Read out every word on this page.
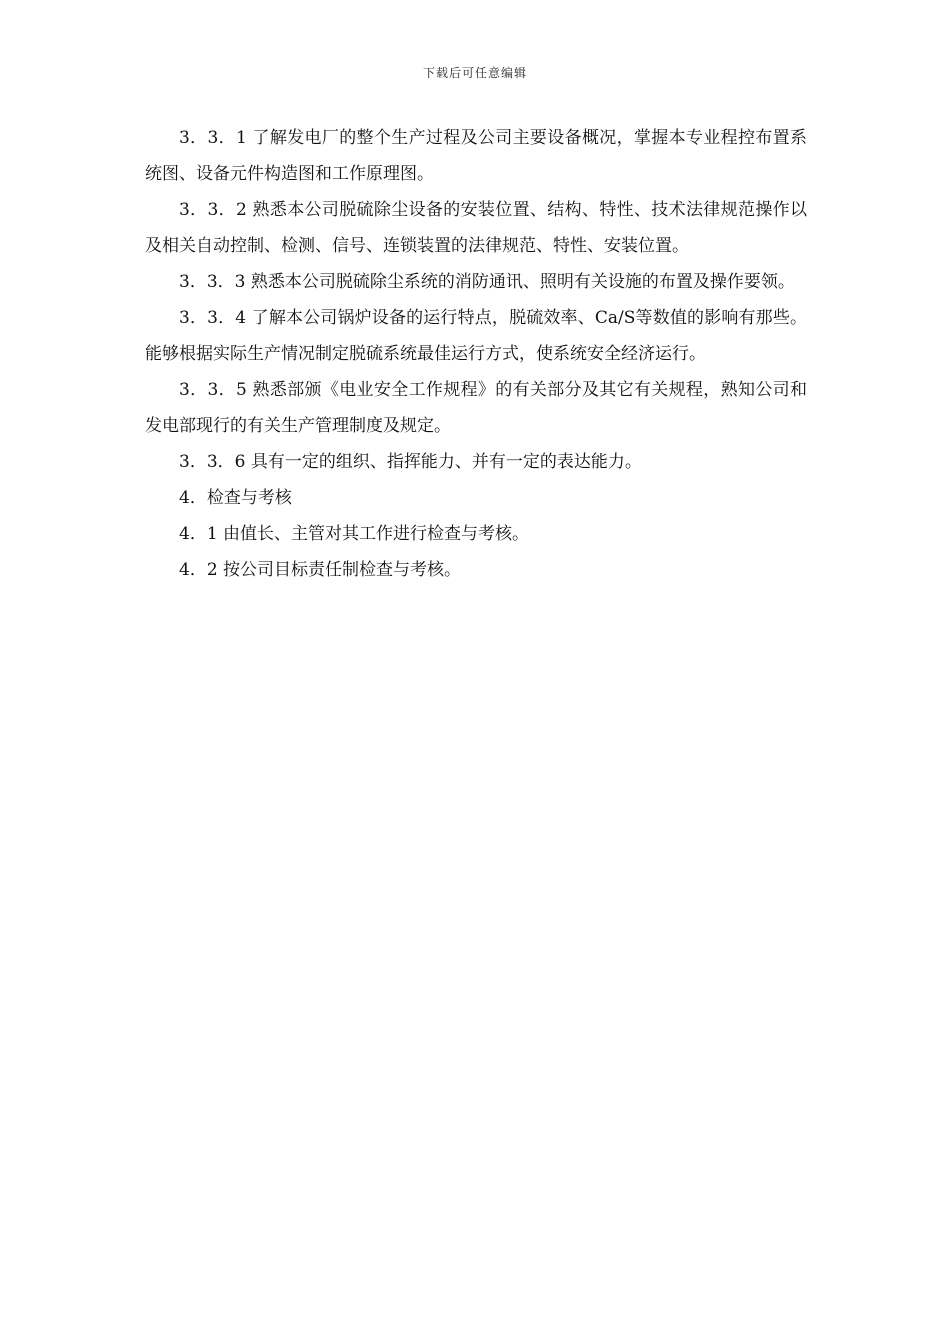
下载后可任意编辑

3．3．1 了解发电厂的整个生产过程及公司主要设备概况，掌握本专业程控布置系统图、设备元件构造图和工作原理图。

3．3．2 熟悉本公司脱硫除尘设备的安装位置、结构、特性、技术法律规范操作以及相关自动控制、检测、信号、连锁装置的法律规范、特性、安装位置。

3．3．3 熟悉本公司脱硫除尘系统的消防通讯、照明有关设施的布置及操作要领。

3．3．4 了解本公司锅炉设备的运行特点，脱硫效率、Ca/S等数值的影响有那些。能够根据实际生产情况制定脱硫系统最佳运行方式，使系统安全经济运行。

3．3．5 熟悉部颁《电业安全工作规程》的有关部分及其它有关规程，熟知公司和发电部现行的有关生产管理制度及规定。

3．3．6 具有一定的组织、指挥能力、并有一定的表达能力。

4．检查与考核

4．1 由值长、主管对其工作进行检查与考核。

4．2 按公司目标责任制检查与考核。
